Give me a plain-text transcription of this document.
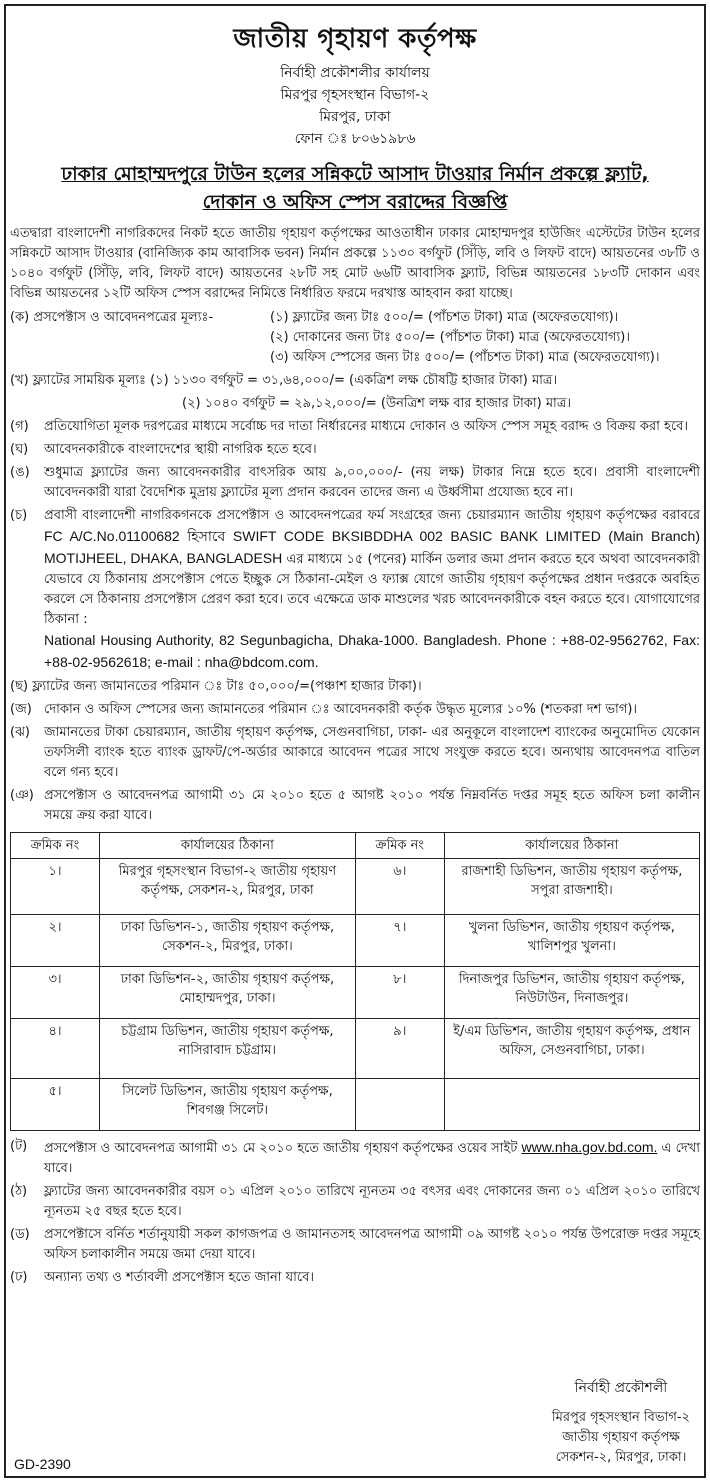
জাতীয় গৃহায়ণ কর্তৃপক্ষ
নির্বাহী প্রকৌশলীর কার্যালয়
মিরপুর গৃহসংস্থান বিভাগ-২
মিরপুর, ঢাকা
ফোন ঃ ৮০৬১৯৮৬
ঢাকার মোহাম্মদপুরে টাউন হলের সন্নিকটে আসাদ টাওয়ার নির্মান প্রকল্পে ফ্ল্যাট,
দোকান ও অফিস স্পেস বরাদ্দের বিজ্ঞপ্তি
এতদ্বারা বাংলাদেশী নাগরিকদের নিকট হতে জাতীয় গৃহায়ণ কর্তৃপক্ষের আওতাধীন ঢাকার মোহাম্মদপুর হাউজিং এস্টেটের টাউন হলের সন্নিকটে আসাদ টাওয়ার (বানিজ্যিক কাম আবাসিক ভবন) নির্মান প্রকল্পে ১১৩০ বর্গফুট (সিঁড়ি, লবি ও লিফট বাদে) আয়তনের ৩৮টি ও ১০৪০ বর্গফুট (সিঁড়ি, লবি, লিফট বাদে) আয়তনের ২৮টি সহ মোট ৬৬টি আবাসিক ফ্ল্যাট, বিভিন্ন আয়তনের ১৮৩টি দোকান এবং বিভিন্ন আয়তনের ১২টি অফিস স্পেস বরাদ্দের নিমিত্তে নির্ধারিত ফরমে দরখাস্ত আহবান করা যাচ্ছে।
(ক) প্রসপেক্টাস ও আবেদনপত্রের মূল্যঃ-	(১) ফ্ল্যাটের জন্য টাঃ ৫০০/= (পাঁচশত টাকা) মাত্র (অফেরতযোগ্য)।
(২) দোকানের জন্য টাঃ ৫০০/= (পাঁচশত টাকা) মাত্র (অফেরতযোগ্য)।
(৩) অফিস স্পেসের জন্য টাঃ ৫০০/= (পাঁচশত টাকা) মাত্র (অফেরতযোগ্য)।
(খ) ফ্ল্যাটের সাময়িক মূল্যঃ (১) ১১৩০ বর্গফুট = ৩১,৬৪,০০০/= (একত্রিশ লক্ষ চৌষট্টি হাজার টাকা) মাত্র।
(২) ১০৪০ বর্গফুট = ২৯,১২,০০০/= (উনত্রিশ লক্ষ বার হাজার টাকা) মাত্র।
(গ)	প্রতিযোগিতা মূলক দরপত্রের মাধ্যমে সর্বোচ্চ দর দাতা নির্ধারনের মাধ্যমে দোকান ও অফিস স্পেস সমূহ বরাদ্দ ও বিক্রয় করা হবে।
(ঘ)	আবেদনকারীকে বাংলাদেশের স্থায়ী নাগরিক হতে হবে।
(ঙ)	শুধুমাত্র ফ্ল্যাটের জন্য আবেদনকারীর বাৎসরিক আয় ৯,০০,০০০/- (নয় লক্ষ) টাকার নিম্নে হতে হবে। প্রবাসী বাংলাদেশী আবেদনকারী যারা বৈদেশিক মুদ্রায় ফ্ল্যাটের মূল্য প্রদান করবেন তাদের জন্য এ উর্ধ্বসীমা প্রযোজ্য হবে না।
(চ)	প্রবাসী বাংলাদেশী নাগরিকগনকে প্রসপেক্টাস ও আবেদনপত্রের ফর্ম সংগ্রহের জন্য চেয়ারম্যান জাতীয় গৃহায়ণ কর্তৃপক্ষের বরাবরে FC A/C.No.01100682 হিসাবে SWIFT CODE BKSIBDDHA 002 BASIC BANK LIMITED (Main Branch) MOTIJHEEL, DHAKA, BANGLADESH এর মাধ্যমে ১৫ (পনের) মার্কিন ডলার জমা প্রদান করতে হবে অথবা আবেদনকারী যেভাবে যে ঠিকানায় প্রসপেক্টাস পেতে ইচ্ছুক সে ঠিকানা-মেইল ও ফ্যাক্স যোগে জাতীয় গৃহায়ণ কর্তৃপক্ষের প্রধান দপ্তরকে অবহিত করলে সে ঠিকানায় প্রসপেক্টাস প্রেরণ করা হবে। তবে এক্ষেত্রে ডাক মাশুলের খরচ আবেদনকারীকে বহন করতে হবে। যোগাযোগের ঠিকানা :
National Housing Authority, 82 Segunbagicha, Dhaka-1000. Bangladesh. Phone : +88-02-9562762, Fax: +88-02-9562618; e-mail : nha@bdcom.com.
(ছ) ফ্ল্যাটের জন্য জামানতের পরিমান ঃ টাঃ ৫০,০০০/=(পঞ্চাশ হাজার টাকা)।
(জ) দোকান ও অফিস স্পেসের জন্য জামানতের পরিমান ঃ আবেদনকারী কর্তৃক উদ্ধৃত মূল্যের ১০% (শতকরা দশ ভাগ)।
(ঝ)	জামানতের টাকা চেয়ারম্যান, জাতীয় গৃহায়ণ কর্তৃপক্ষ, সেগুনবাগিচা, ঢাকা- এর অনুকূলে বাংলাদেশ ব্যাংকের অনুমোদিত যেকোন তফসিলী ব্যাংক হতে ব্যাংক ড্রাফট/পে-অর্ডার আকারে আবেদন পত্রের সাথে সংযুক্ত করতে হবে। অন্যথায় আবেদনপত্র বাতিল বলে গন্য হবে।
(ঞ) প্রসপেক্টাস ও আবেদনপত্র আগামী ৩১ মে ২০১০ হতে ৫ আগষ্ট ২০১০ পর্যন্ত নিম্নবর্নিত দপ্তর সমূহ হতে অফিস চলা কালীন সময়ে ক্রয় করা যাবে।
ক্রমিক নং	কার্যালয়ের ঠিকানা	ক্রমিক নং	কার্যালয়ের ঠিকানা
১।	মিরপুর গৃহসংস্থান বিভাগ-২ জাতীয় গৃহায়ণ কর্তৃপক্ষ, সেকশন-২, মিরপুর, ঢাকা	৬।	রাজশাহী ডিভিশন, জাতীয় গৃহায়ণ কর্তৃপক্ষ, সপুরা রাজশাহী।
২।	ঢাকা ডিভিশন-১, জাতীয় গৃহায়ণ কর্তৃপক্ষ, সেকশন-২, মিরপুর, ঢাকা।	৭।	খুলনা ডিভিশন, জাতীয় গৃহায়ণ কর্তৃপক্ষ, খালিশপুর খুলনা।
৩।	ঢাকা ডিভিশন-২, জাতীয় গৃহায়ণ কর্তৃপক্ষ, মোহাম্মদপুর, ঢাকা।	৮।	দিনাজপুর ডিভিশন, জাতীয় গৃহায়ণ কর্তৃপক্ষ, নিউটাউন, দিনাজপুর।
৪।	চট্টগ্রাম ডিভিশন, জাতীয় গৃহায়ণ কর্তৃপক্ষ, নাসিরাবাদ চট্টগ্রাম।	৯।	ই/এম ডিভিশন, জাতীয় গৃহায়ণ কর্তৃপক্ষ, প্রধান অফিস, সেগুনবাগিচা, ঢাকা।
৫।	সিলেট ডিভিশন, জাতীয় গৃহায়ণ কর্তৃপক্ষ, শিবগঞ্জ সিলেট।		
(ট)	প্রসপেক্টাস ও আবেদনপত্র আগামী ৩১ মে ২০১০ হতে জাতীয় গৃহায়ণ কর্তৃপক্ষের ওয়েব সাইট www.nha.gov.bd.com. এ দেখা যাবে।
(ঠ)	ফ্ল্যাটের জন্য আবেদনকারীর বয়স ০১ এপ্রিল ২০১০ তারিখে ন্যূনতম ৩৫ বৎসর এবং দোকানের জন্য ০১ এপ্রিল ২০১০ তারিখে ন্যূনতম ২৫ বছর হতে হবে।
(ড)	প্রসপেক্টাসে বর্নিত শর্তানুযায়ী সকল কাগজপত্র ও জামানতসহ আবেদনপত্র আগামী ০৯ আগষ্ট ২০১০ পর্যন্ত উপরোক্ত দপ্তর সমূহে অফিস চলাকালীন সময়ে জমা দেয়া যাবে।
(ঢ)	অন্যান্য তথ্য ও শর্তাবলী প্রসপেক্টাস হতে জানা যাবে।
নির্বাহী প্রকৌশলী
মিরপুর গৃহসংস্থান বিভাগ-২
জাতীয় গৃহায়ণ কর্তৃপক্ষ
সেকশন-২, মিরপুর, ঢাকা।
GD-2390
